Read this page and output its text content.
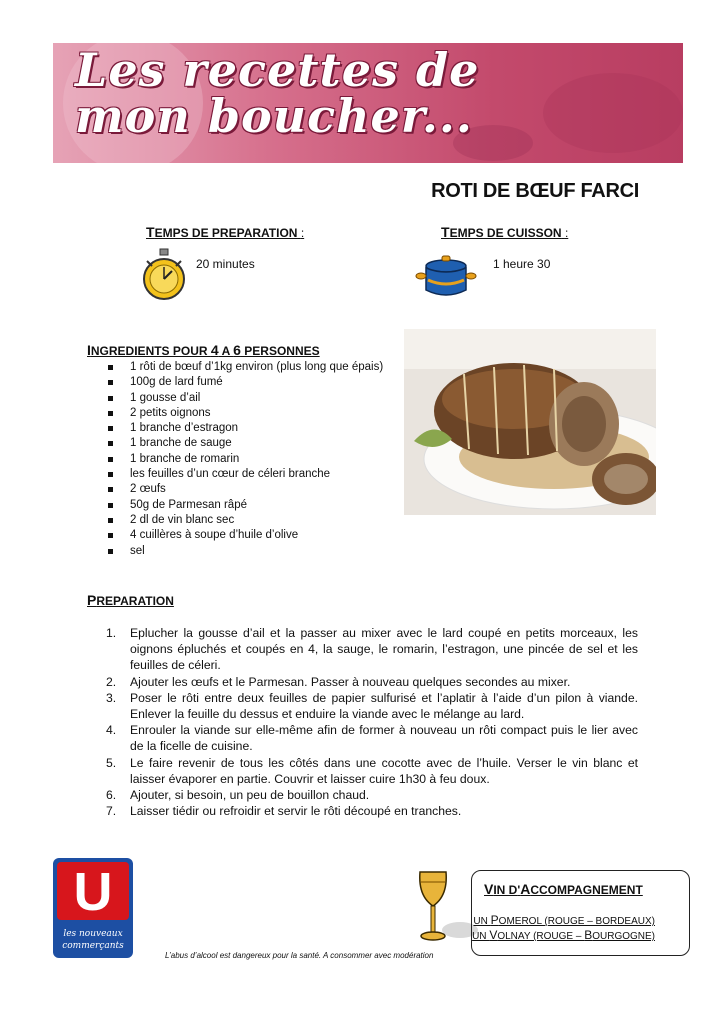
Les recettes de
mon boucher...
ROTI DE BŒUF FARCI
TEMPS DE PREPARATION :
20 minutes
TEMPS DE CUISSON :
1 heure 30
INGREDIENTS POUR 4 A 6 PERSONNES
1 rôti de bœuf d’1kg environ (plus long que épais)
100g de lard fumé
1 gousse d’ail
2 petits oignons
1 branche d’estragon
1 branche de sauge
1 branche de romarin
les feuilles d’un cœur de céleri branche
2 œufs
50g de Parmesan râpé
2 dl de vin blanc sec
4 cuillères à soupe d’huile d’olive
sel
PREPARATION
1. Eplucher la gousse d’ail et la passer au mixer avec le lard coupé en petits morceaux, les oignons épluchés et coupés en 4, la sauge, le romarin, l’estragon, une pincée de sel et les feuilles de céleri.
2. Ajouter les œufs et le Parmesan. Passer à nouveau quelques secondes au mixer.
3. Poser le rôti entre deux feuilles de papier sulfurisé et l’aplatir à l’aide d’un pilon à viande. Enlever la feuille du dessus et enduire la viande avec le mélange au lard.
4. Enrouler la viande sur elle-même afin de former à nouveau un rôti compact puis le lier avec de la ficelle de cuisine.
5. Le faire revenir de tous les côtés dans une cocotte avec de l’huile. Verser le vin blanc et laisser évaporer en partie. Couvrir et laisser cuire 1h30 à feu doux.
6. Ajouter, si besoin, un peu de bouillon chaud.
7. Laisser tiédir ou refroidir et servir le rôti découpé en tranches.
U
les nouveaux
commerçants
VIN D'ACCOMPAGNEMENT
UN POMEROL (ROUGE – BORDEAUX)
UN VOLNAY (ROUGE – BOURGOGNE)
L’abus d’alcool est dangereux pour la santé. A consommer avec modération
